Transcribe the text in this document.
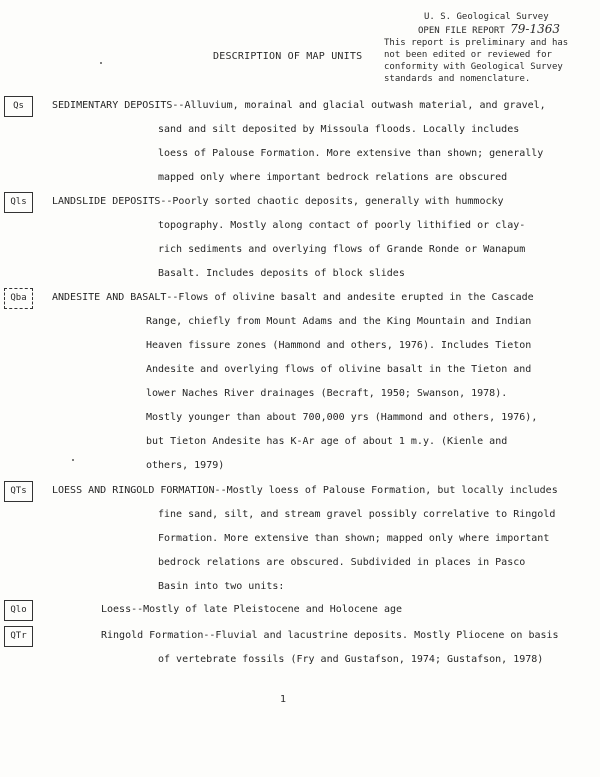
U. S. Geological Survey
OPEN FILE REPORT 79-1363
This report is preliminary and has
not been edited or reviewed for
conformity with Geological Survey
standards and nomenclature.
DESCRIPTION OF MAP UNITS
Qs	SEDIMENTARY DEPOSITS--Alluvium, morainal and glacial outwash material, and gravel,
sand and silt deposited by Missoula floods. Locally includes
loess of Palouse Formation. More extensive than shown; generally
mapped only where important bedrock relations are obscured
Qls	LANDSLIDE DEPOSITS--Poorly sorted chaotic deposits, generally with hummocky
topography. Mostly along contact of poorly lithified or clay-
rich sediments and overlying flows of Grande Ronde or Wanapum
Basalt. Includes deposits of block slides
Qba	ANDESITE AND BASALT--Flows of olivine basalt and andesite erupted in the Cascade
Range, chiefly from Mount Adams and the King Mountain and Indian
Heaven fissure zones (Hammond and others, 1976). Includes Tieton
Andesite and overlying flows of olivine basalt in the Tieton and
lower Naches River drainages (Becraft, 1950; Swanson, 1978).
Mostly younger than about 700,000 yrs (Hammond and others, 1976),
but Tieton Andesite has K-Ar age of about 1 m.y. (Kienle and
others, 1979)
QTs	LOESS AND RINGOLD FORMATION--Mostly loess of Palouse Formation, but locally includes
fine sand, silt, and stream gravel possibly correlative to Ringold
Formation. More extensive than shown; mapped only where important
bedrock relations are obscured. Subdivided in places in Pasco
Basin into two units:
Qlo	Loess--Mostly of late Pleistocene and Holocene age
QTr	Ringold Formation--Fluvial and lacustrine deposits. Mostly Pliocene on basis
of vertebrate fossils (Fry and Gustafson, 1974; Gustafson, 1978)
1
